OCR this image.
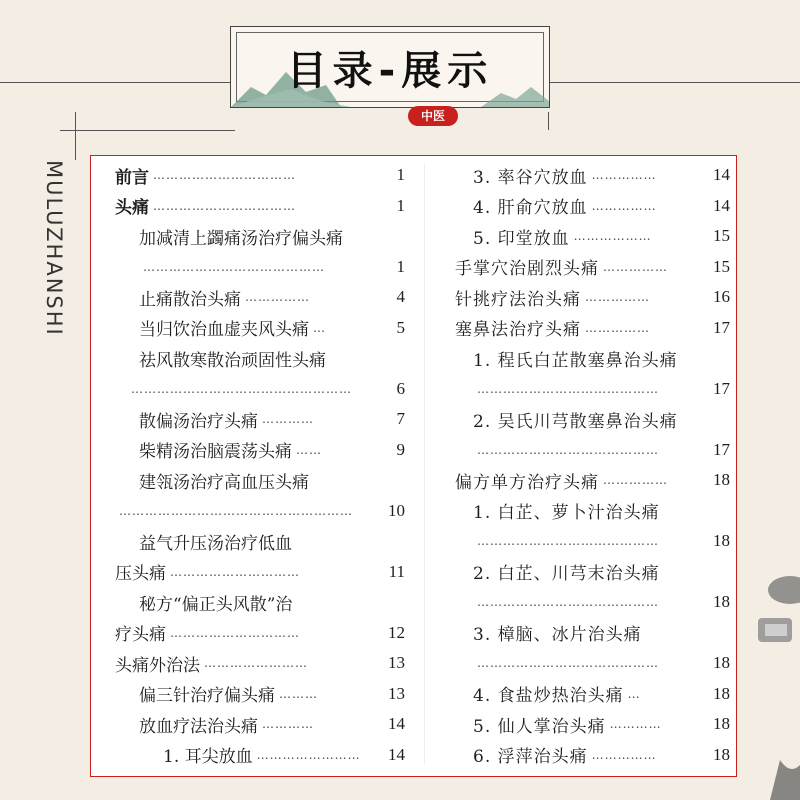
目录-展示
中医
MULUZHANSHI	前言 ……………………………	1
头痛 ……………………………	1
加减清上蠲痛汤治疗偏头痛
……………………………………	1
止痛散治头痛 ……………	4
当归饮治血虚夹风头痛 …	5
祛风散寒散治顽固性头痛
……………………………………………	6
散偏汤治疗头痛 …………	7
柴精汤治脑震荡头痛 ……	9
建瓴汤治疗高血压头痛
………………………………………………	10
益气升压汤治疗低血
压头痛 …………………………	11
秘方“偏正头风散”治
疗头痛 …………………………	12
头痛外治法 ……………………	13
偏三针治疗偏头痛 ………	13
放血疗法治头痛 …………	14
1. 耳尖放血 ……………………	14
3. 率谷穴放血 ……………	14
4. 肝俞穴放血 ……………	14
5. 印堂放血 ………………	15
手掌穴治剧烈头痛 ……………	15
针挑疗法治头痛 ……………	16
塞鼻法治疗头痛 ……………	17
1. 程氏白芷散塞鼻治头痛
……………………………………	17
2. 吴氏川芎散塞鼻治头痛
……………………………………	17
偏方单方治疗头痛 ……………	18
1. 白芷、萝卜汁治头痛
……………………………………	18
2. 白芷、川芎末治头痛
……………………………………	18
3. 樟脑、冰片治头痛
……………………………………	18
4. 食盐炒热治头痛 …	18
5. 仙人掌治头痛 …………	18
6. 浮萍治头痛 ……………	18
